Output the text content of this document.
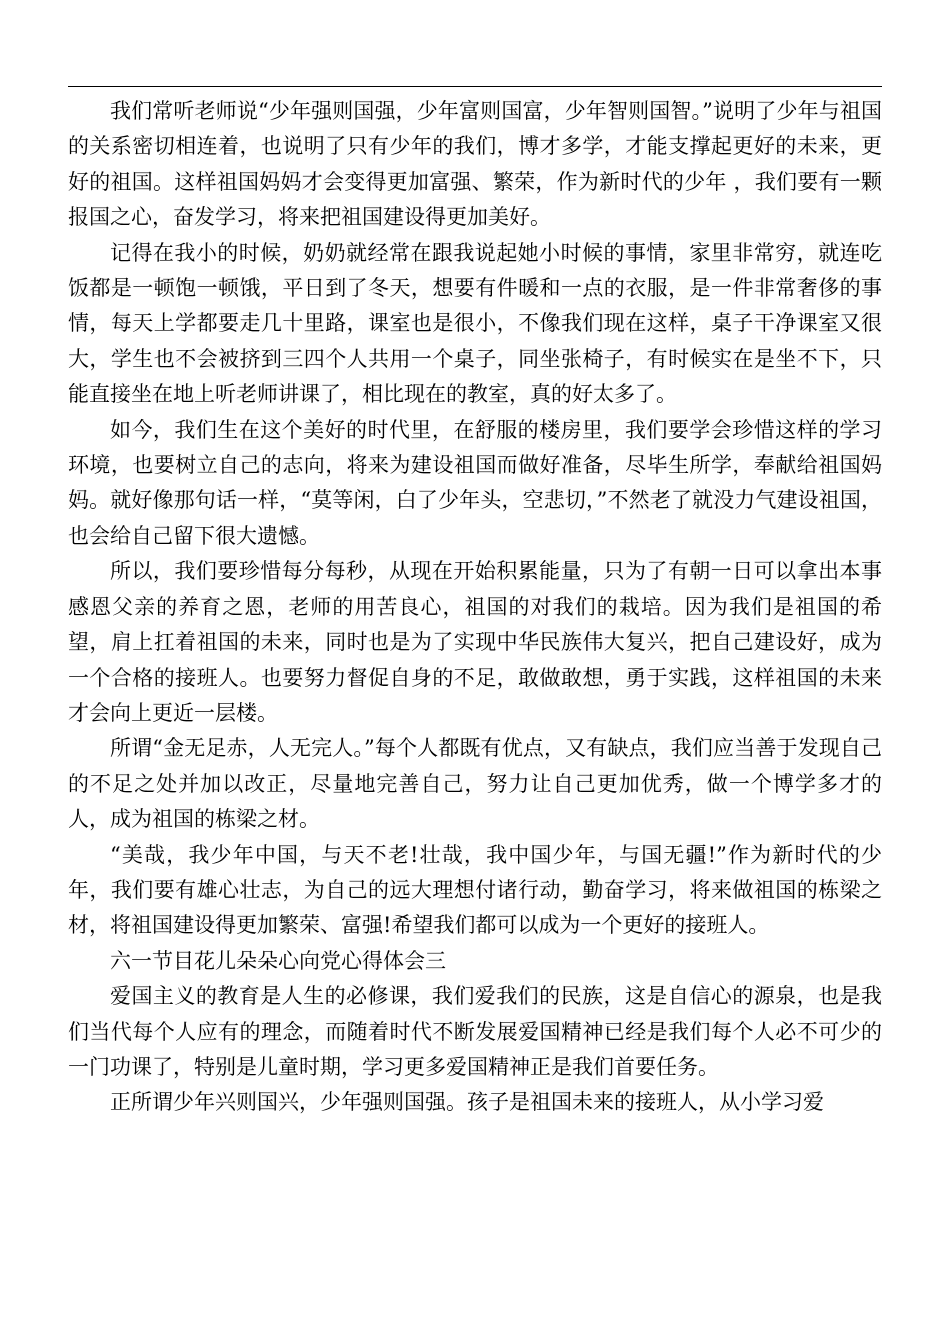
我们常听老师说“少年强则国强，少年富则国富，少年智则国智。”说明了少年与祖国的关系密切相连着，也说明了只有少年的我们，博才多学，才能支撑起更好的未来，更好的祖国。这样祖国妈妈才会变得更加富强、繁荣，作为新时代的少年 ，我们要有一颗报国之心，奋发学习，将来把祖国建设得更加美好。

记得在我小的时候，奶奶就经常在跟我说起她小时候的事情，家里非常穷，就连吃饭都是一顿饱一顿饿，平日到了冬天，想要有件暖和一点的衣服，是一件非常奢侈的事情，每天上学都要走几十里路，课室也是很小，不像我们现在这样，桌子干净课室又很大，学生也不会被挤到三四个人共用一个桌子，同坐张椅子，有时候实在是坐不下，只能直接坐在地上听老师讲课了，相比现在的教室，真的好太多了。

如今，我们生在这个美好的时代里，在舒服的楼房里，我们要学会珍惜这样的学习环境，也要树立自己的志向，将来为建设祖国而做好准备，尽毕生所学，奉献给祖国妈妈。就好像那句话一样，“莫等闲，白了少年头，空悲切，”不然老了就没力气建设祖国，也会给自己留下很大遗憾。

所以，我们要珍惜每分每秒，从现在开始积累能量，只为了有朝一日可以拿出本事感恩父亲的养育之恩，老师的用苦良心，祖国的对我们的栽培。因为我们是祖国的希望，肩上扛着祖国的未来，同时也是为了实现中华民族伟大复兴，把自己建设好，成为一个合格的接班人。也要努力督促自身的不足，敢做敢想，勇于实践，这样祖国的未来才会向上更近一层楼。

所谓“金无足赤，人无完人。”每个人都既有优点，又有缺点，我们应当善于发现自己的不足之处并加以改正，尽量地完善自己，努力让自己更加优秀，做一个博学多才的人，成为祖国的栋梁之材。

“美哉，我少年中国，与天不老!壮哉，我中国少年，与国无疆!”作为新时代的少年，我们要有雄心壮志，为自己的远大理想付诸行动，勤奋学习，将来做祖国的栋梁之材，将祖国建设得更加繁荣、富强!希望我们都可以成为一个更好的接班人。

六一节目花儿朵朵心向党心得体会三

爱国主义的教育是人生的必修课，我们爱我们的民族，这是自信心的源泉，也是我们当代每个人应有的理念，而随着时代不断发展爱国精神已经是我们每个人必不可少的一门功课了，特别是儿童时期，学习更多爱国精神正是我们首要任务。

正所谓少年兴则国兴，少年强则国强。孩子是祖国未来的接班人，从小学习爱
